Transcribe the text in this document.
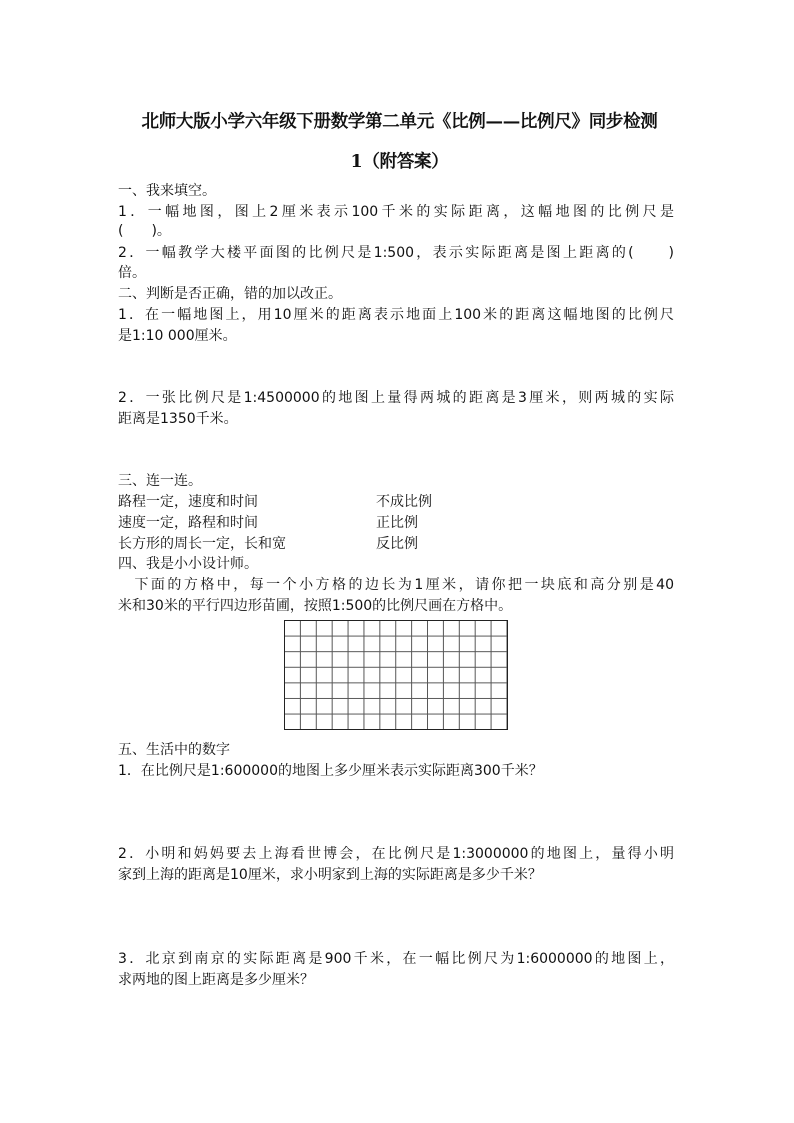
北师大版小学六年级下册数学第二单元《比例——比例尺》同步检测
1（附答案）
一、我来填空。
1．一幅地图，图上2厘米表示100千米的实际距离，这幅地图的比例尺是
(　　)。
2．一幅教学大楼平面图的比例尺是1:500，表示实际距离是图上距离的(　　)
倍。
二、判断是否正确，错的加以改正。
1．在一幅地图上，用10厘米的距离表示地面上100米的距离这幅地图的比例尺
是1:10 000厘米。
2．一张比例尺是1:4500000的地图上量得两城的距离是3厘米，则两城的实际
距离是1350千米。
三、连一连。
路程一定，速度和时间	不成比例
速度一定，路程和时间	正比例
长方形的周长一定，长和宽	反比例
四、我是小小设计师。
　下面的方格中，每一个小方格的边长为1厘米，请你把一块底和高分别是40
米和30米的平行四边形苗圃，按照1:500的比例尺画在方格中。
五、生活中的数字
1．在比例尺是1:600000的地图上多少厘米表示实际距离300千米？
2．小明和妈妈要去上海看世博会，在比例尺是1:3000000的地图上，量得小明
家到上海的距离是10厘米，求小明家到上海的实际距离是多少千米？
3．北京到南京的实际距离是900千米，在一幅比例尺为1:6000000的地图上，
求两地的图上距离是多少厘米？
